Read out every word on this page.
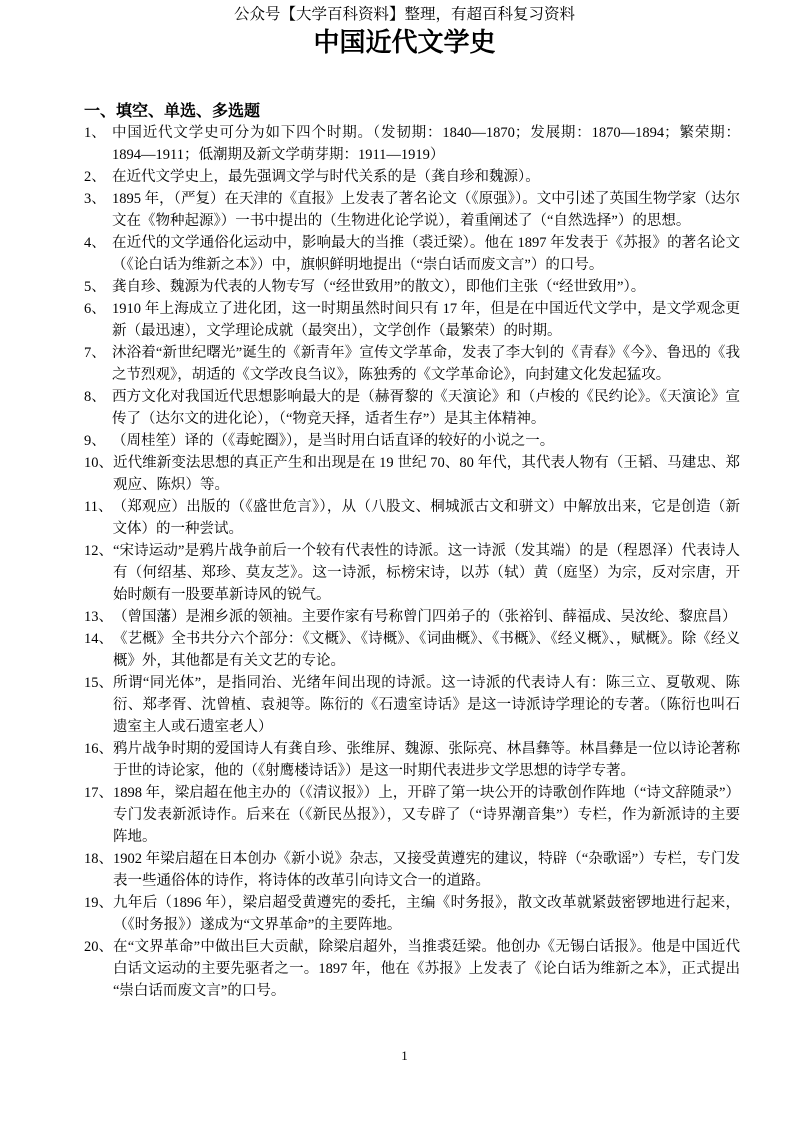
公众号【大学百科资料】整理，有超百科复习资料
中国近代文学史
一、填空、单选、多选题
1、 中国近代文学史可分为如下四个时期。（发韧期：1840—1870；发展期：1870—1894；繁荣期：1894—1911；低潮期及新文学萌芽期：1911—1919）
2、 在近代文学史上，最先强调文学与时代关系的是（龚自珍和魏源）。
3、 1895 年，（严复）在天津的《直报》上发表了著名论文（《原强》）。文中引述了英国生物学家（达尔文在《物种起源》）一书中提出的（生物进化论学说），着重阐述了（“自然选择”）的思想。
4、 在近代的文学通俗化运动中，影响最大的当推（裘迁梁）。他在 1897 年发表于《苏报》的著名论文（《论白话为维新之本》）中，旗帜鲜明地提出（“崇白话而废文言”）的口号。
5、 龚自珍、魏源为代表的人物专写（“经世致用”的散文），即他们主张（“经世致用”）。
6、 1910 年上海成立了进化团，这一时期虽然时间只有 17 年，但是在中国近代文学中，是文学观念更新（最迅速），文学理论成就（最突出），文学创作（最繁荣）的时期。
7、 沐浴着“新世纪曙光”诞生的《新青年》宣传文学革命，发表了李大钊的《青春》《今》、鲁迅的《我之节烈观》，胡适的《文学改良刍议》，陈独秀的《文学革命论》，向封建文化发起猛攻。
8、 西方文化对我国近代思想影响最大的是（赫胥黎的《天演论》和（卢梭的《民约论》。《天演论》宣传了（达尔文的进化论），（“物竞天择，适者生存”）是其主体精神。
9、 （周桂笙）译的（《毒蛇圈》），是当时用白话直译的较好的小说之一。
10、 近代维新变法思想的真正产生和出现是在 19 世纪 70、80 年代，其代表人物有（王韬、马建忠、郑观应、陈炽）等。
11、 （郑观应）出版的（《盛世危言》），从（八股文、桐城派古文和骈文）中解放出来，它是创造（新文体）的一种尝试。
12、 “宋诗运动”是鸦片战争前后一个较有代表性的诗派。这一诗派（发其端）的是（程恩泽）代表诗人有（何绍基、郑珍、莫友芝》。这一诗派，标榜宋诗，以苏（轼）黄（庭坚）为宗，反对宗唐，开始时颇有一股要革新诗风的锐气。
13、 （曾国藩）是湘乡派的领袖。主要作家有号称曾门四弟子的（张裕钊、薛福成、吴汝纶、黎庶昌）
14、 《艺概》全书共分六个部分：《文概》、《诗概》、《词曲概》、《书概》、《经义概》、，赋概》。除《经义概》外，其他都是有关文艺的专论。
15、 所谓“同光体”，是指同治、光绪年间出现的诗派。这一诗派的代表诗人有：陈三立、夏敬观、陈衍、郑孝胥、沈曾植、袁昶等。陈衍的《石遗室诗话》是这一诗派诗学理论的专著。（陈衍也叫石遗室主人或石遗室老人）
16、 鸦片战争时期的爱国诗人有龚自珍、张维屏、魏源、张际亮、林昌彝等。林昌彝是一位以诗论著称于世的诗论家，他的（《射鹰楼诗话》）是这一时期代表进步文学思想的诗学专著。
17、 1898 年，梁启超在他主办的（《清议报》）上，开辟了第一块公开的诗歌创作阵地（“诗文辞随录”）专门发表新派诗作。后来在（《新民丛报》），又专辟了（“诗界潮音集”）专栏，作为新派诗的主要阵地。
18、 1902 年梁启超在日本创办《新小说》杂志，又接受黄遵宪的建议，特辟（“杂歌谣”）专栏，专门发表一些通俗体的诗作，将诗体的改革引向诗文合一的道路。
19、 九年后（1896 年），梁启超受黄遵宪的委托，主编《时务报》，散文改革就紧鼓密锣地进行起来，（《时务报》）遂成为“文界革命”的主要阵地。
20、 在“文界革命”中做出巨大贡献，除梁启超外，当推裘廷梁。他创办《无锡白话报》。他是中国近代白话文运动的主要先驱者之一。1897 年，他在《苏报》上发表了《论白话为维新之本》，正式提出“崇白话而废文言”的口号。
1
